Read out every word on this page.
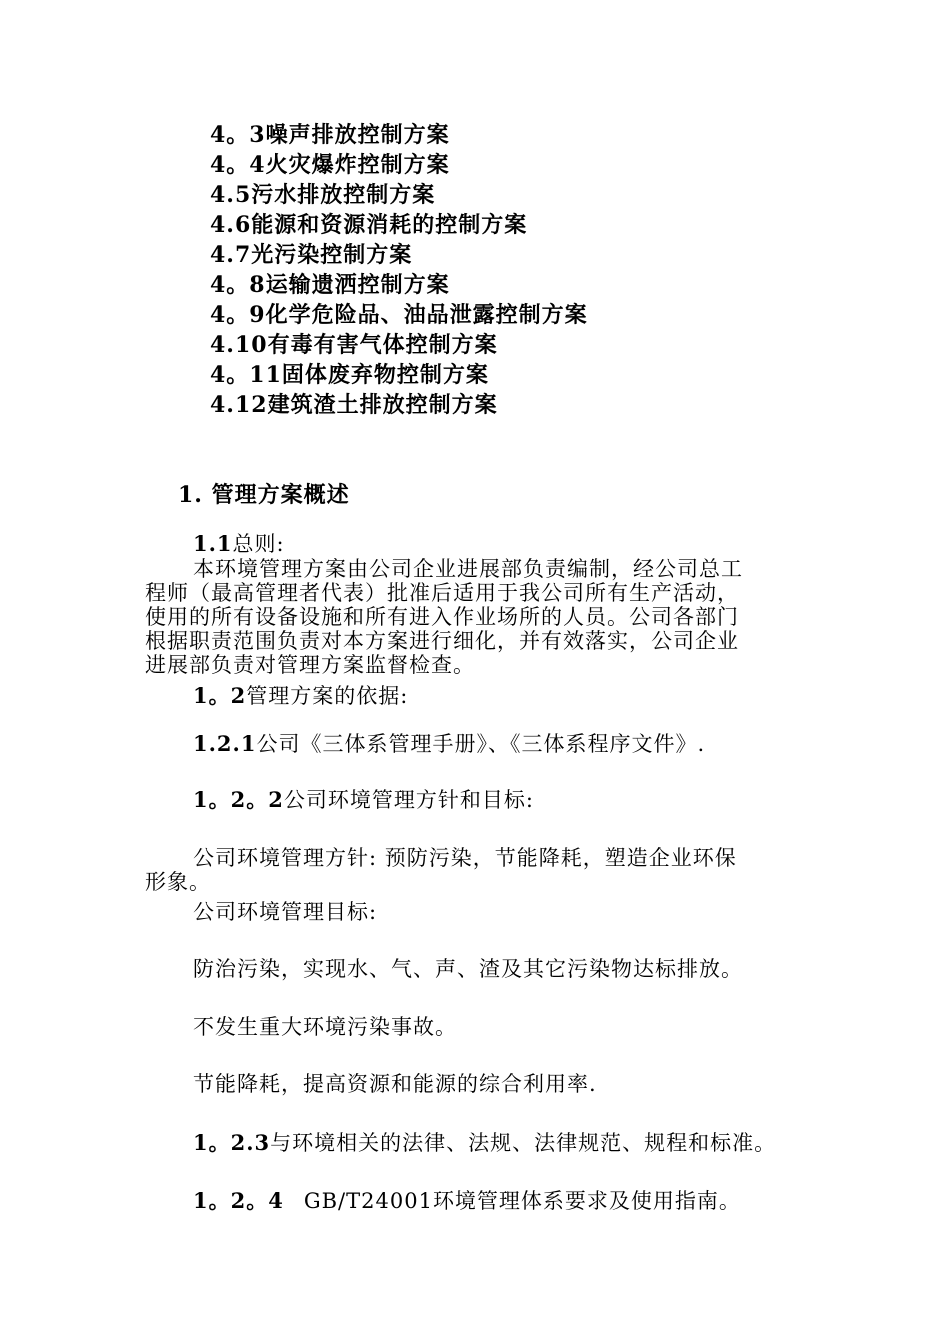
4。3噪声排放控制方案
4。4火灾爆炸控制方案
4.5污水排放控制方案
4.6能源和资源消耗的控制方案
4.7光污染控制方案
4。8运输遗洒控制方案
4。9化学危险品、油品泄露控制方案
4.10有毒有害气体控制方案
4。11固体废弃物控制方案
4.12建筑渣土排放控制方案
1. 管理方案概述
1.1总则:
本环境管理方案由公司企业进展部负责编制，经公司总工
程师（最高管理者代表）批准后适用于我公司所有生产活动，
使用的所有设备设施和所有进入作业场所的人员。公司各部门
根据职责范围负责对本方案进行细化，并有效落实，公司企业
进展部负责对管理方案监督检查。
1。2管理方案的依据:
1.2.1公司《三体系管理手册》、《三体系程序文件》.
1。2。2公司环境管理方针和目标:
公司环境管理方针: 预防污染，节能降耗，塑造企业环保
形象。
公司环境管理目标:
防治污染，实现水、气、声、渣及其它污染物达标排放。
不发生重大环境污染事故。
节能降耗，提高资源和能源的综合利用率.
1。2.3与环境相关的法律、法规、法律规范、规程和标准。
1。2。4 GB/T24001环境管理体系要求及使用指南。
